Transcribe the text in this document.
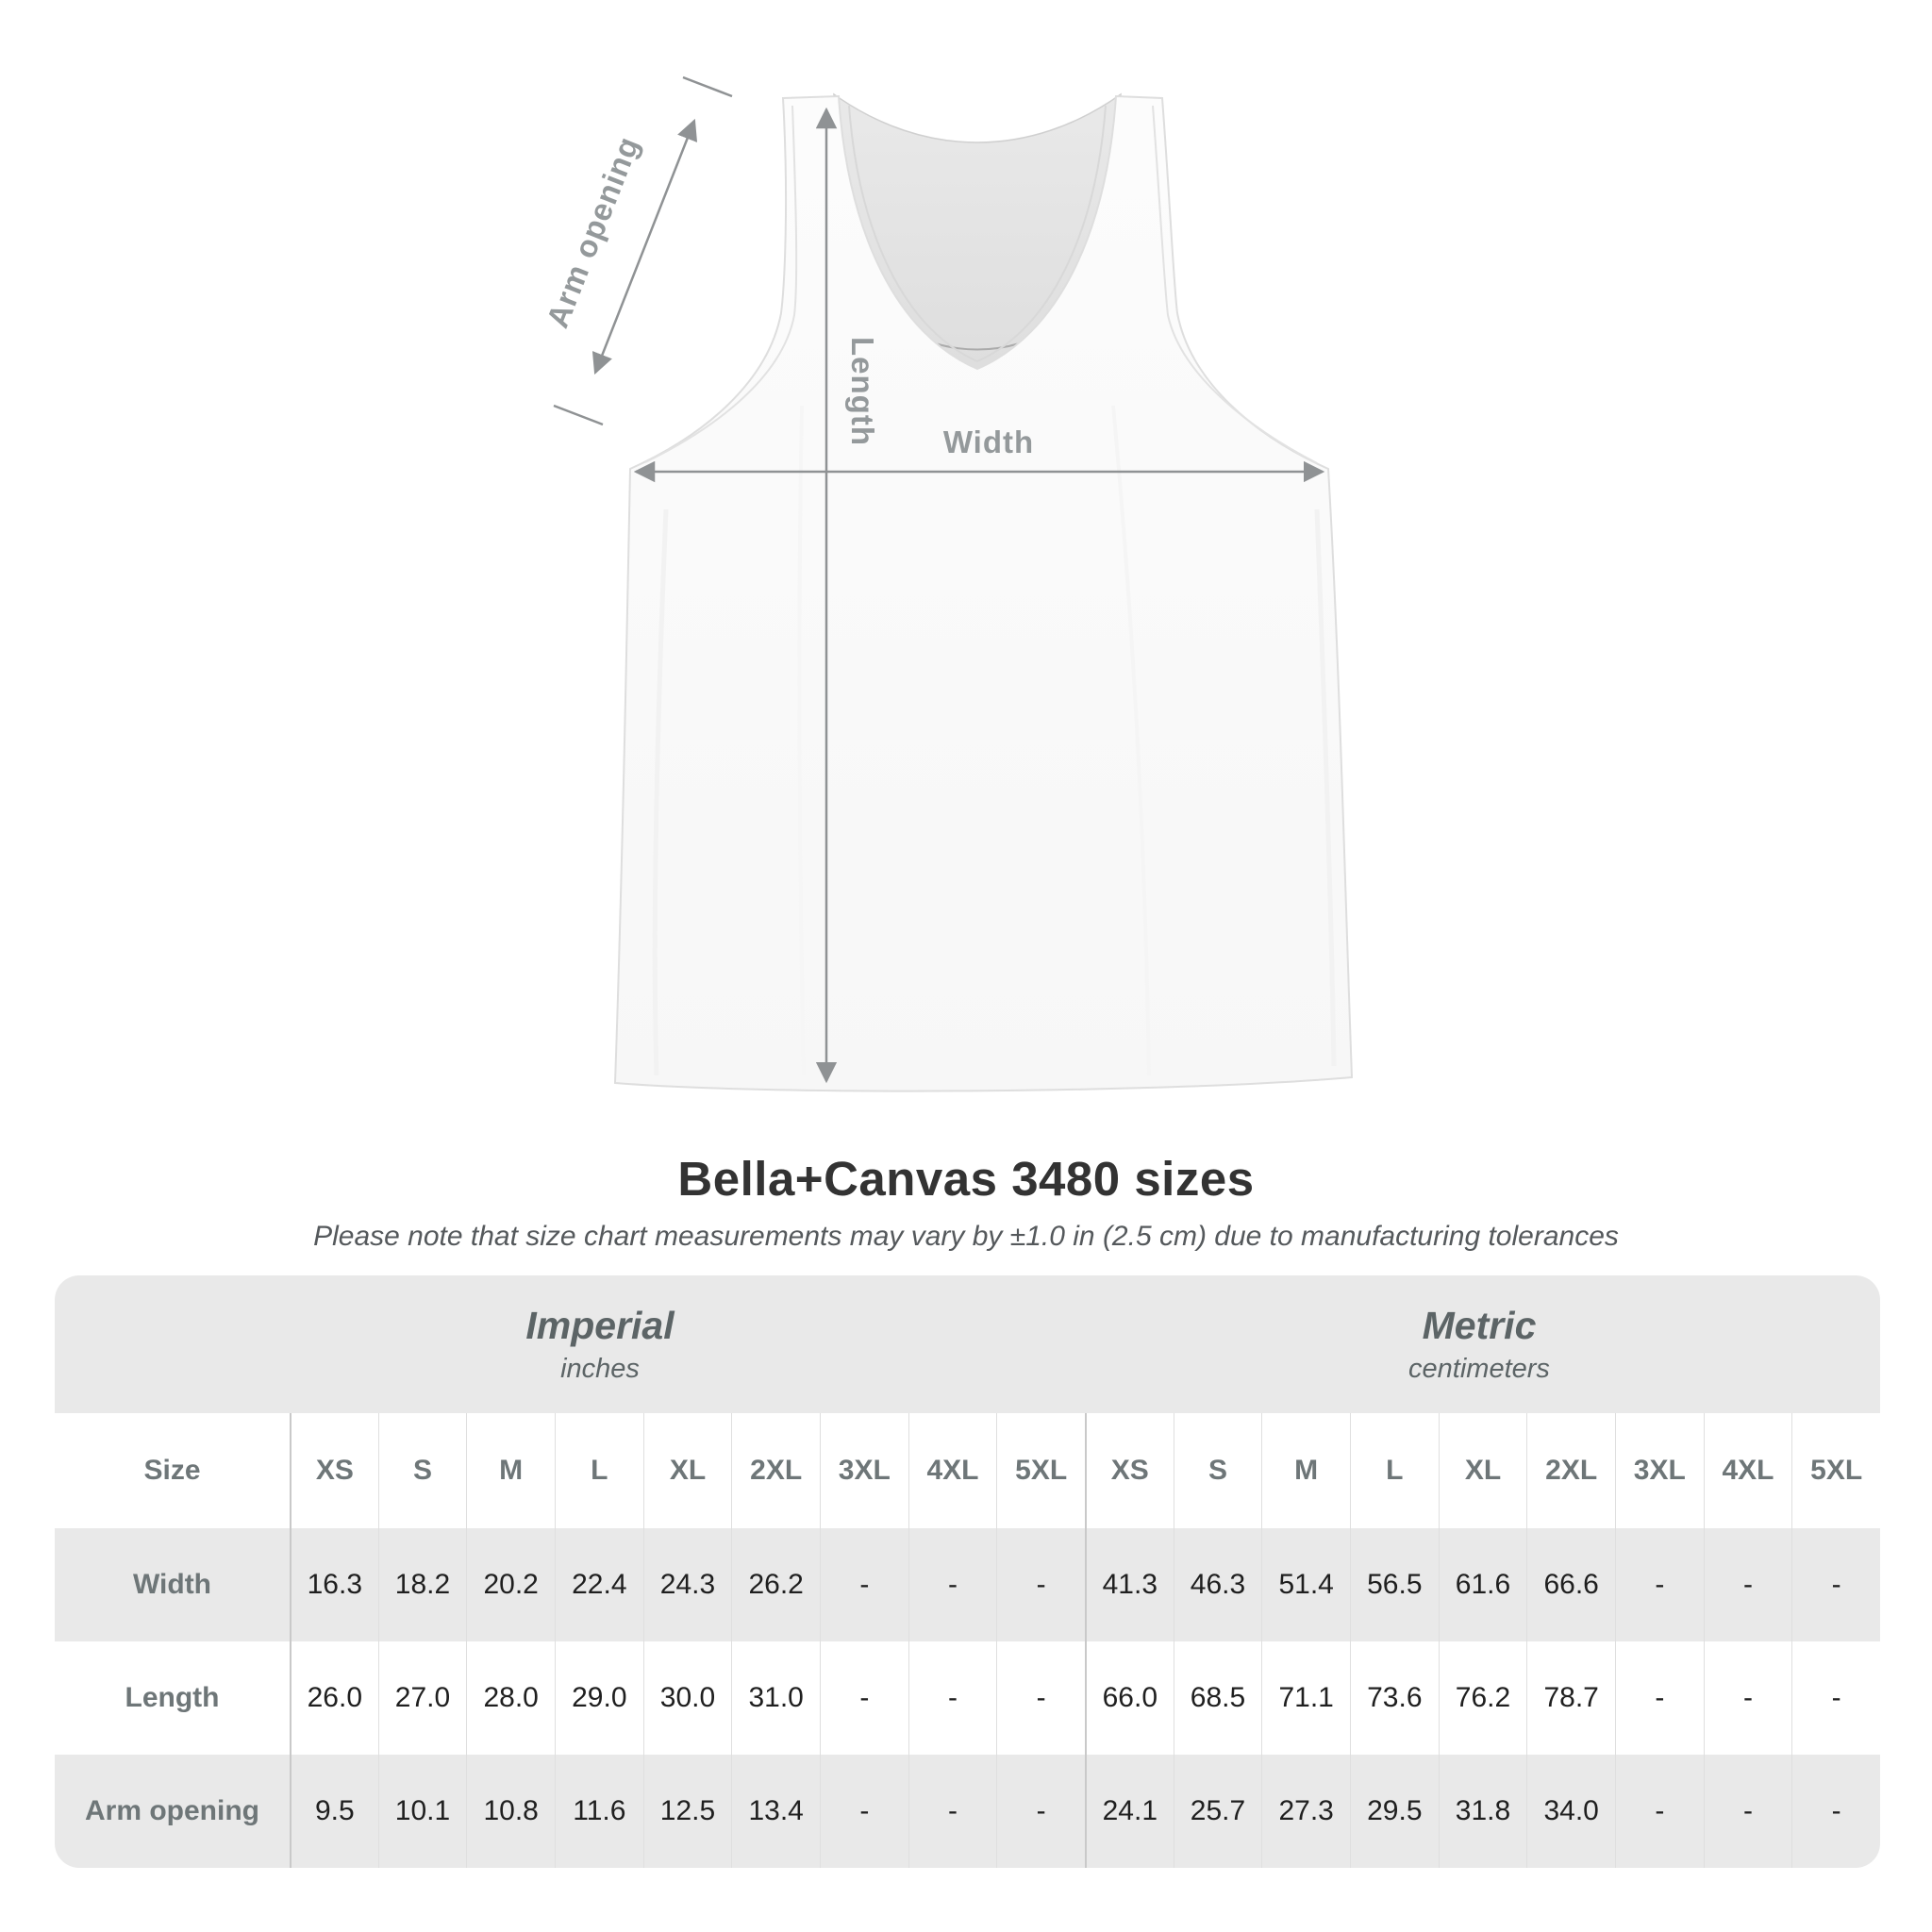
Arm opening
Length Width
Bella+Canvas 3480 sizes
Please note that size chart measurements may vary by ±1.0 in (2.5 cm) due to manufacturing tolerances
Imperial
inches
Metric
centimeters
Size	XS	S	M	L	XL	2XL	3XL	4XL	5XL	XS	S	M	L	XL	2XL	3XL	4XL	5XL
Width	16.3	18.2	20.2	22.4	24.3	26.2	-	-	-	41.3	46.3	51.4	56.5	61.6	66.6	-	-	-
Length	26.0	27.0	28.0	29.0	30.0	31.0	-	-	-	66.0	68.5	71.1	73.6	76.2	78.7	-	-	-
Arm opening	9.5	10.1	10.8	11.6	12.5	13.4	-	-	-	24.1	25.7	27.3	29.5	31.8	34.0	-	-	-
